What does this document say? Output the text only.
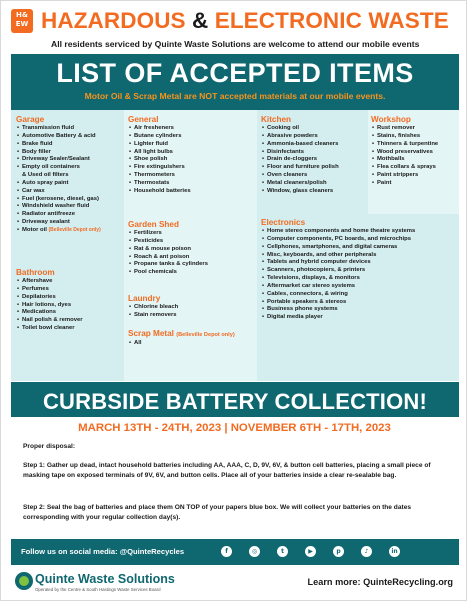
H&
EW HAZARDOUS & ELECTRONIC WASTE
All residents serviced by Quinte Waste Solutions are welcome to attend our mobile events
LIST OF ACCEPTED ITEMS
Motor Oil & Scrap Metal are NOT accepted materials at our mobile events.
Garage
• Transmission fluid
• Automotive Battery & acid
• Brake fluid
• Body filler
• Driveway Sealer/Sealant
• Empty oil containers
& Used oil filters
• Auto spray paint
• Car wax
• Fuel (kerosene, diesel, gas)
• Windshield washer fluid
• Radiator antifreeze
• Driveway sealant
• Motor oil (Belleville Depot only)
Bathroom
• Aftershave
• Perfumes
• Depilatories
• Hair lotions, dyes
• Medications
• Nail polish & remover
• Toilet bowl cleaner
General
• Air fresheners
• Butane cylinders
• Lighter fluid
• All light bulbs
• Shoe polish
• Fire extinguishers
• Thermometers
• Thermostats
• Household batteries
Garden Shed
• Fertilizers
• Pesticides
• Rat & mouse poison
• Roach & ant poison
• Propane tanks & cylinders
• Pool chemicals
Laundry
• Chlorine bleach
• Stain removers
Scrap Metal (Belleville Depot only)
• All
Kitchen
• Cooking oil
• Abrasive powders
• Ammonia-based cleaners
• Disinfectants
• Drain de-cloggers
• Floor and furniture polish
• Oven cleaners
• Metal cleaners/polish
• Window, glass cleaners
Workshop
• Rust remover
• Stains, finishes
• Thinners & turpentine
• Wood preservatives
• Mothballs
• Flea collars & sprays
• Paint strippers
• Paint
Electronics
• Home stereo components and home theatre systems
• Computer components, PC boards, and microchips
• Cellphones, smartphones, and digital cameras
• Misc, keyboards, and other peripherals
• Tablets and hybrid computer devices
• Scanners, photocopiers, & printers
• Televisions, displays, & monitors
• Aftermarket car stereo systems
• Cables, connectors, & wiring
• Portable speakers & stereos
• Business phone systems
• Digital media player
CURBSIDE BATTERY COLLECTION!
MARCH 13TH - 24TH, 2023 | NOVEMBER 6TH - 17TH, 2023
Proper disposal:
Step 1: Gather up dead, intact household batteries including AA, AAA, C, D, 9V, 6V, & button cell batteries, placing a small piece of masking tape on exposed terminals of 9V, 6V, and button cells. Place all of your batteries inside a clear re-sealable bag.
Step 2: Seal the bag of batteries and place them ON TOP of your papers blue box. We will collect your batteries on the dates corresponding with your regular collection day(s).
Follow us on social media: @QuinteRecycles	f	◎	t	▶	p	♪	in
Quinte Waste Solutions
Operated by the Centre & South Hastings Waste Services Board
Learn more: QuinteRecycling.org
